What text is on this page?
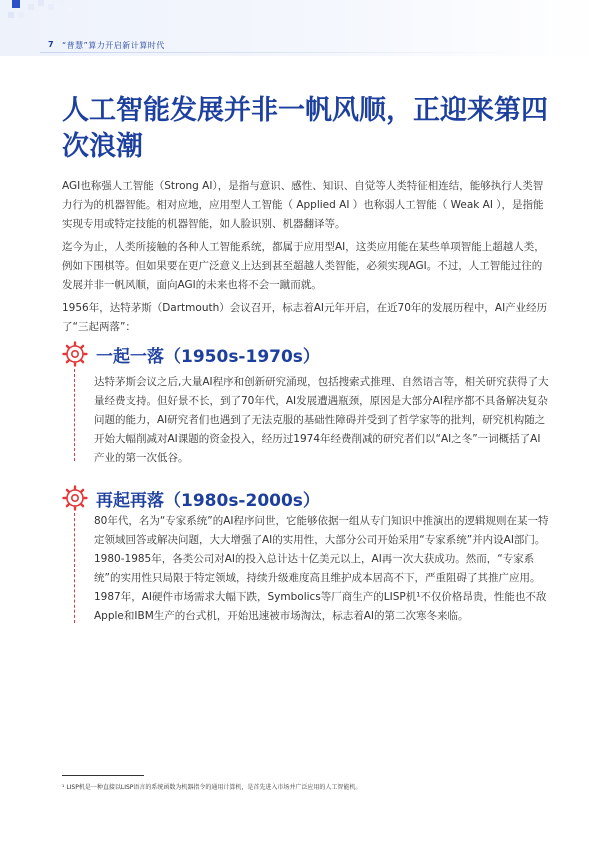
7 “普慧”算力开启新计算时代
人工智能发展并非一帆风顺，正迎来第四次浪潮

AGI也称强人工智能（Strong AI），是指与意识、感性、知识、自觉等人类特征相连结，能够执行人类智力行为的机器智能。相对应地，应用型人工智能（ Applied AI ）也称弱人工智能（ Weak AI ），是指能实现专用或特定技能的机器智能，如人脸识别、机器翻译等。

迄今为止，人类所接触的各种人工智能系统，都属于应用型AI，这类应用能在某些单项智能上超越人类，例如下围棋等。但如果要在更广泛意义上达到甚至超越人类智能，必须实现AGI。不过，人工智能过往的发展并非一帆风顺，面向AGI的未来也将不会一蹴而就。

1956年，达特茅斯（Dartmouth）会议召开，标志着AI元年开启，在近70年的发展历程中，AI产业经历了“三起两落”：

一起一落（1950s-1970s）

达特茅斯会议之后,大量AI程序和创新研究涌现，包括搜索式推理、自然语言等，相关研究获得了大量经费支持。但好景不长，到了70年代，AI发展遭遇瓶颈，原因是大部分AI程序都不具备解决复杂问题的能力，AI研究者们也遇到了无法克服的基础性障碍并受到了哲学家等的批判，研究机构随之开始大幅削减对AI课题的资金投入，经历过1974年经费削减的研究者们以“AI之冬”一词概括了AI产业的第一次低谷。

再起再落（1980s-2000s）

80年代，名为“专家系统”的AI程序问世，它能够依据一组从专门知识中推演出的逻辑规则在某一特定领域回答或解决问题，大大增强了AI的实用性，大部分公司开始采用“专家系统”并内设AI部门。1980-1985年，各类公司对AI的投入总计达十亿美元以上，AI再一次大获成功。然而，“专家系统”的实用性只局限于特定领域，持续升级难度高且维护成本居高不下，严重阻碍了其推广应用。1987年，AI硬件市场需求大幅下跌，Symbolics等厂商生产的LISP机¹不仅价格昂贵，性能也不敌Apple和IBM生产的台式机，开始迅速被市场淘汰，标志着AI的第二次寒冬来临。

¹ LISP机是一种直接以LISP语言的系统函数为机器指令的通用计算机，是首先进入市场并广泛应用的人工智能机。
